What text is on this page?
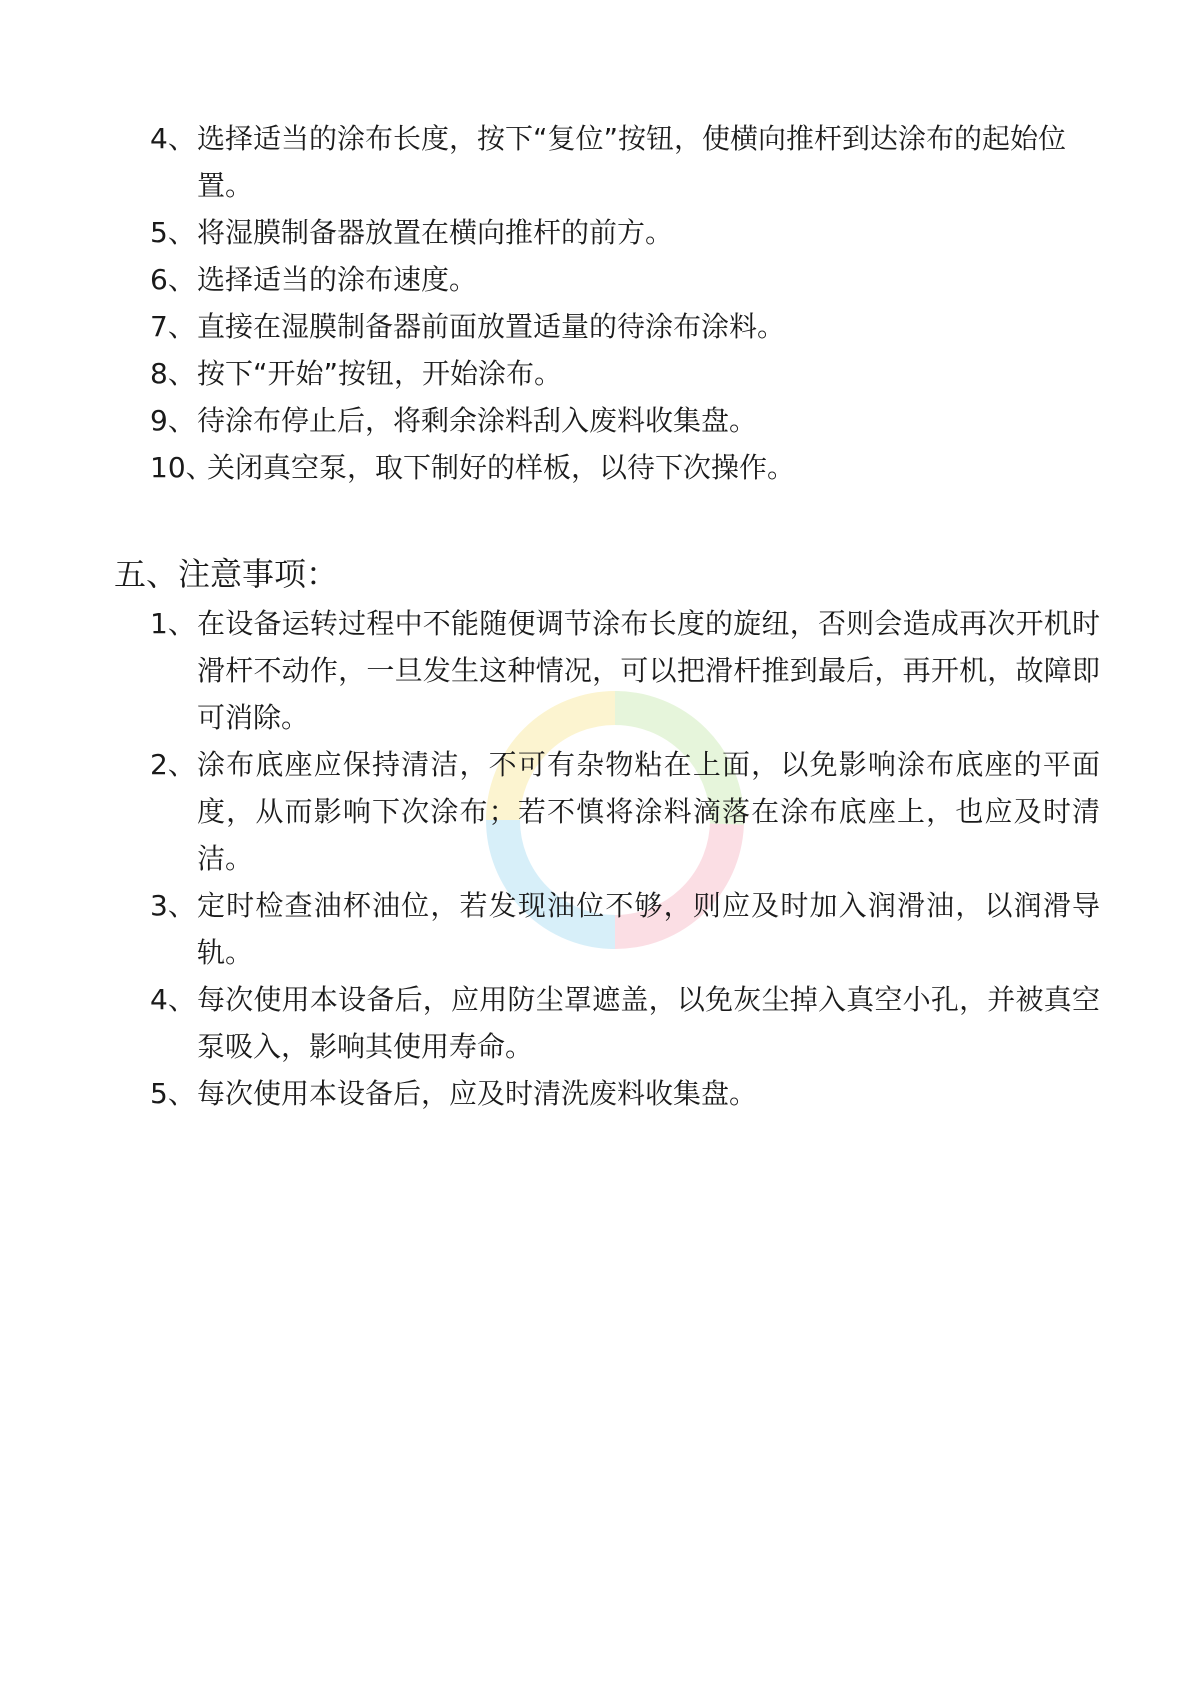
4、 选择适当的涂布长度，按下“复位”按钮，使横向推杆到达涂布的起始位置。
5、 将湿膜制备器放置在横向推杆的前方。
6、 选择适当的涂布速度。
7、 直接在湿膜制备器前面放置适量的待涂布涂料。
8、 按下“开始”按钮，开始涂布。
9、 待涂布停止后，将剩余涂料刮入废料收集盘。
10、
关闭真空泵，取下制好的样板，以待下次操作。
五、注意事项：
1、 在设备运转过程中不能随便调节涂布长度的旋纽，否则会造成再次开机时滑杆不动作，一旦发生这种情况，可以把滑杆推到最后，再开机，故障即可消除。
2、 涂布底座应保持清洁，不可有杂物粘在上面，以免影响涂布底座的平面度，从而影响下次涂布；若不慎将涂料滴落在涂布底座上，也应及时清洁。
3、 定时检查油杯油位，若发现油位不够，则应及时加入润滑油，以润滑导轨。
4、 每次使用本设备后，应用防尘罩遮盖，以免灰尘掉入真空小孔，并被真空泵吸入，影响其使用寿命。
5、 每次使用本设备后，应及时清洗废料收集盘。
